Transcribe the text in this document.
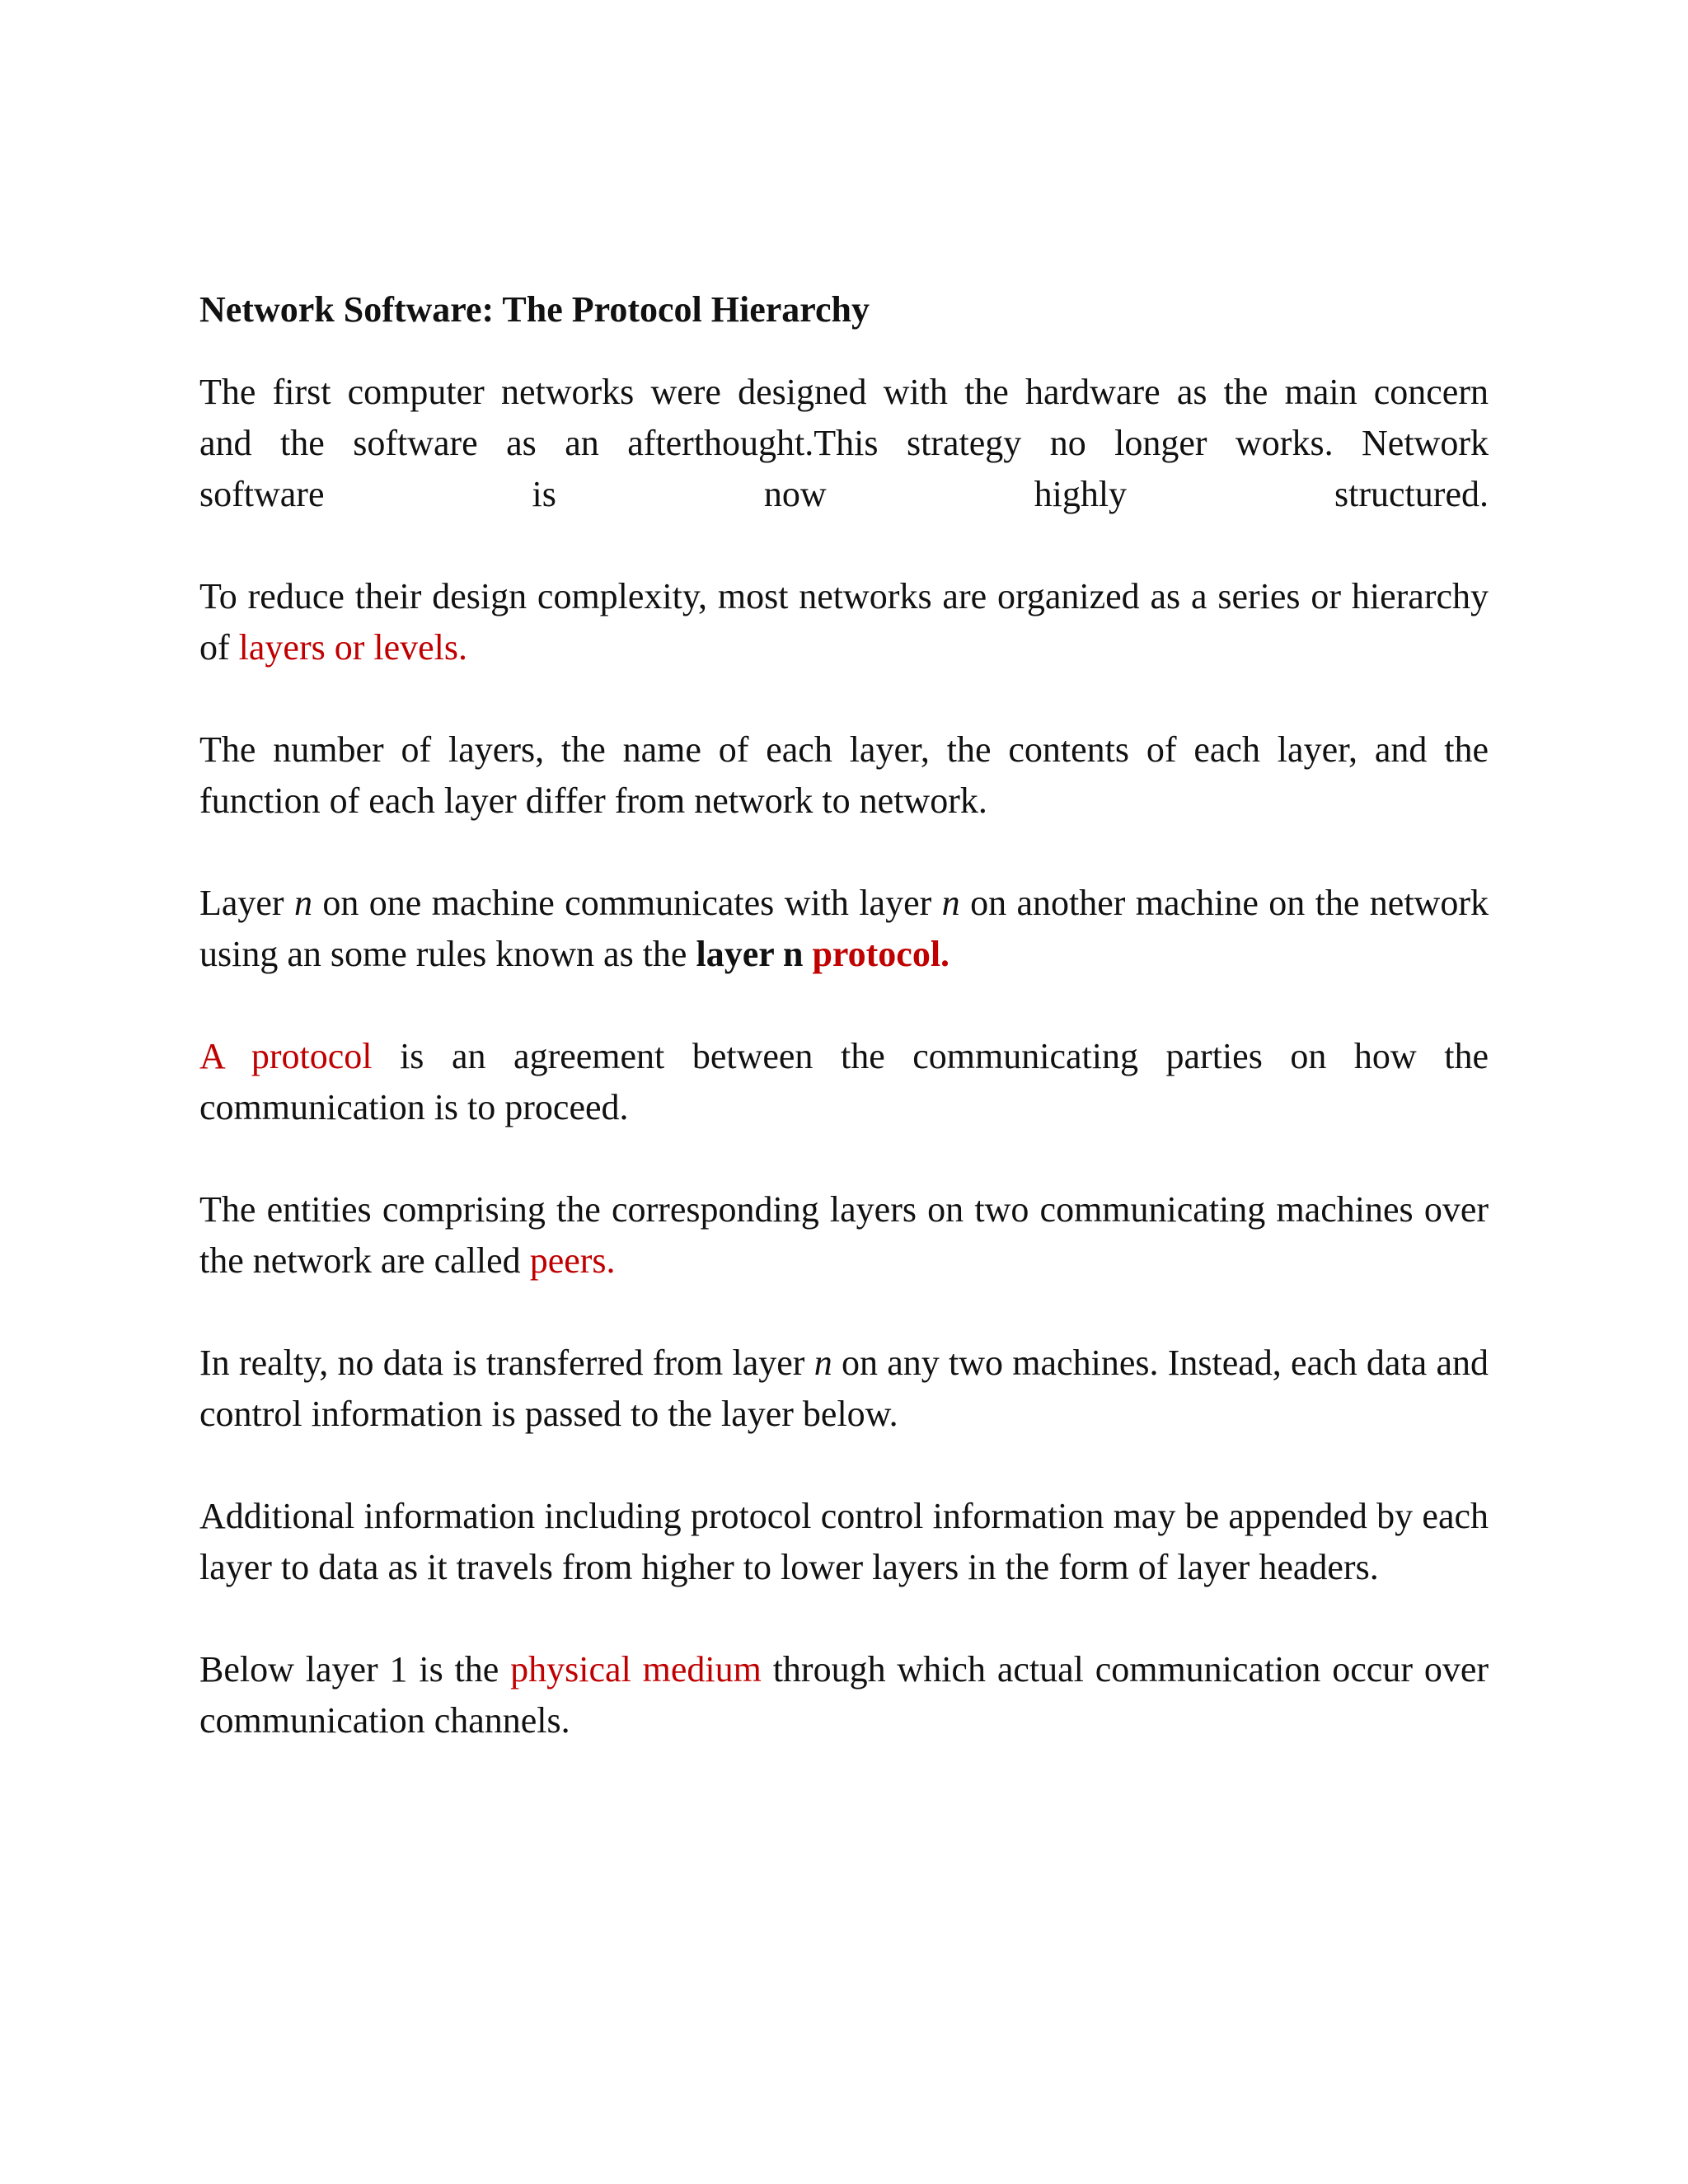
Network Software: The Protocol Hierarchy
The first computer networks were designed with the hardware as the main concern
and the software as an afterthought.This strategy no longer works. Network
software	is	now	highly	structured.
To reduce their design complexity, most networks are organized as a series or hierarchy of layers or levels.
The number of layers, the name of each layer, the contents of each layer, and the function of each layer differ from network to network.
Layer n on one machine communicates with layer n on another machine on the network using an some rules known as the layer n protocol.
A protocol is an agreement between the communicating parties on how the communication is to proceed.
The entities comprising the corresponding layers on two communicating machines over the network are called peers.
In realty, no data is transferred from layer n on any two machines. Instead, each data and control information is passed to the layer below.
Additional information including protocol control information may be appended by each layer to data as it travels from higher to lower layers in the form of layer headers.
Below layer 1 is the physical medium through which actual communication occur over communication channels.
